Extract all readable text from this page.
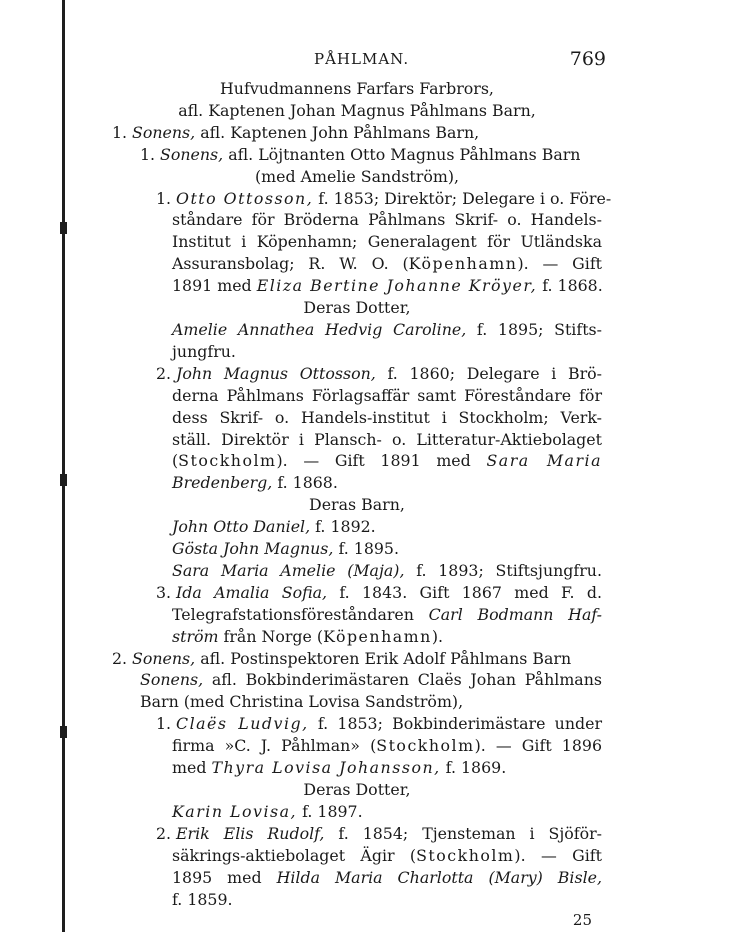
PÅHLMAN.	769
Hufvudmannens Farfars Farbrors,
afl. Kaptenen Johan Magnus Påhlmans Barn,
1. Sonens, afl. Kaptenen John Påhlmans Barn,
1. Sonens, afl. Löjtnanten Otto Magnus Påhlmans Barn
(med Amelie Sandström),
1. Otto Ottosson, f. 1853; Direktör; Delegare i o. Före-
ståndare för Bröderna Påhlmans Skrif- o. Handels-
Institut i Köpenhamn; Generalagent för Utländska
Assuransbolag; R. W. O. (Köpenhamn). — Gift
1891 med Eliza Bertine Johanne Kröyer, f. 1868.
Deras Dotter,
Amelie Annathea Hedvig Caroline, f. 1895; Stifts-
jungfru.
2. John Magnus Ottosson, f. 1860; Delegare i Brö-
derna Påhlmans Förlagsaffär samt Föreståndare för
dess Skrif- o. Handels-institut i Stockholm; Verk-
ställ. Direktör i Plansch- o. Litteratur-Aktiebolaget
(Stockholm). — Gift 1891 med Sara Maria
Bredenberg, f. 1868.
Deras Barn,
John Otto Daniel, f. 1892.
Gösta John Magnus, f. 1895.
Sara Maria Amelie (Maja), f. 1893; Stiftsjungfru.
3. Ida Amalia Sofia, f. 1843. Gift 1867 med F. d.
Telegrafstationsföreståndaren Carl Bodmann Haf-
ström från Norge (Köpenhamn).
2. Sonens, afl. Postinspektoren Erik Adolf Påhlmans Barn
Sonens, afl. Bokbinderimästaren Claës Johan Påhlmans
Barn (med Christina Lovisa Sandström),
1. Claës Ludvig, f. 1853; Bokbinderimästare under
firma »C. J. Påhlman» (Stockholm). — Gift 1896
med Thyra Lovisa Johansson, f. 1869.
Deras Dotter,
Karin Lovisa, f. 1897.
2. Erik Elis Rudolf, f. 1854; Tjensteman i Sjöför-
säkrings-aktiebolaget Ägir (Stockholm). — Gift
1895 med Hilda Maria Charlotta (Mary) Bisle,
f. 1859.
25
